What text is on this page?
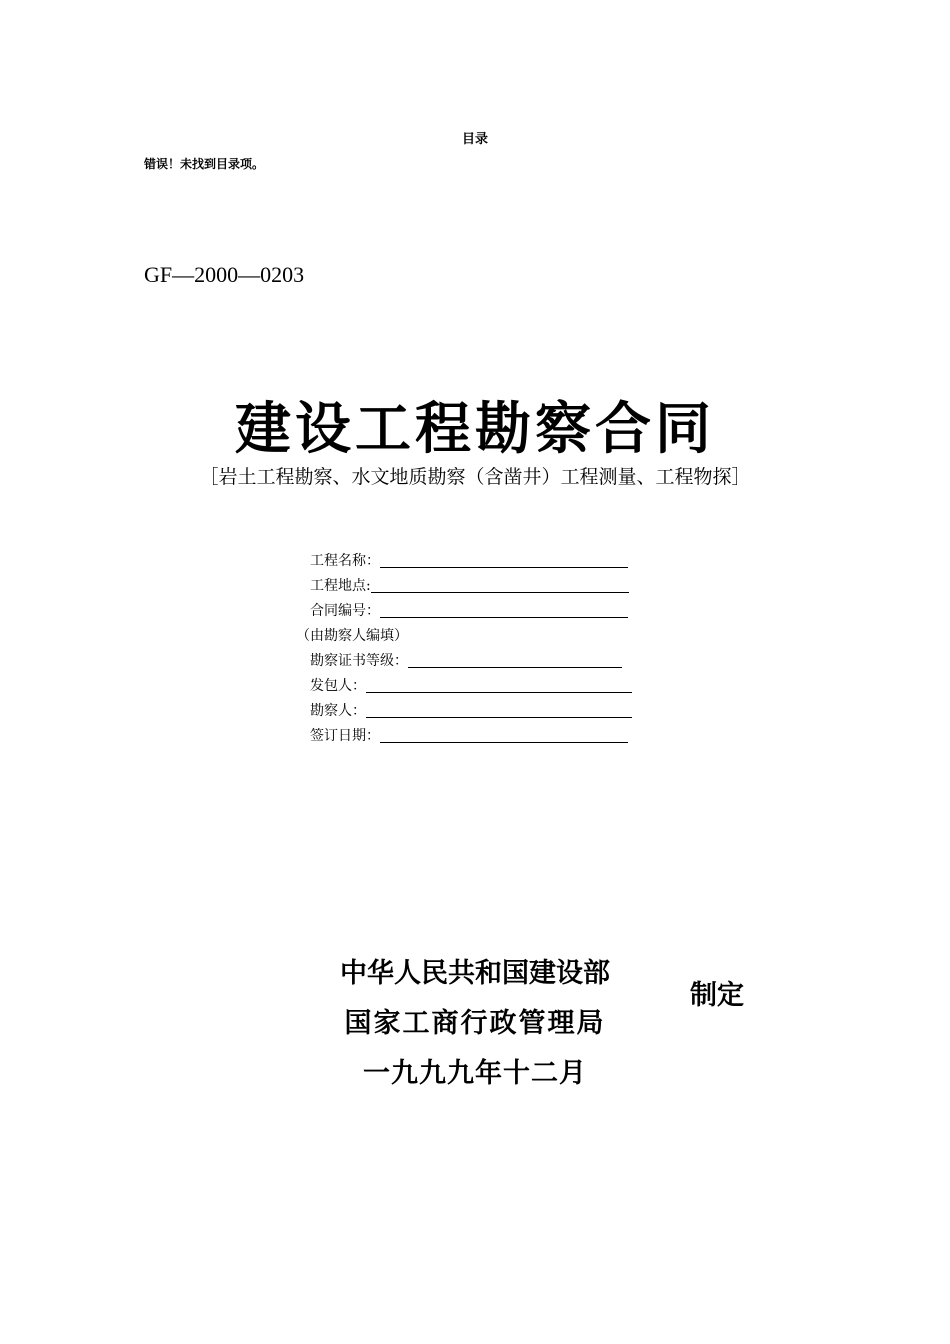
目录
错误！未找到目录项。
GF—2000—0203
建设工程勘察合同
［岩土工程勘察、水文地质勘察（含凿井）工程测量、工程物探］
工程名称：
工程地点:
合同编号：
（由勘察人编填）
勘察证书等级：
发包人：
勘察人：
签订日期：
中华人民共和国建设部
国家工商行政管理局
一九九九年十二月
制定
